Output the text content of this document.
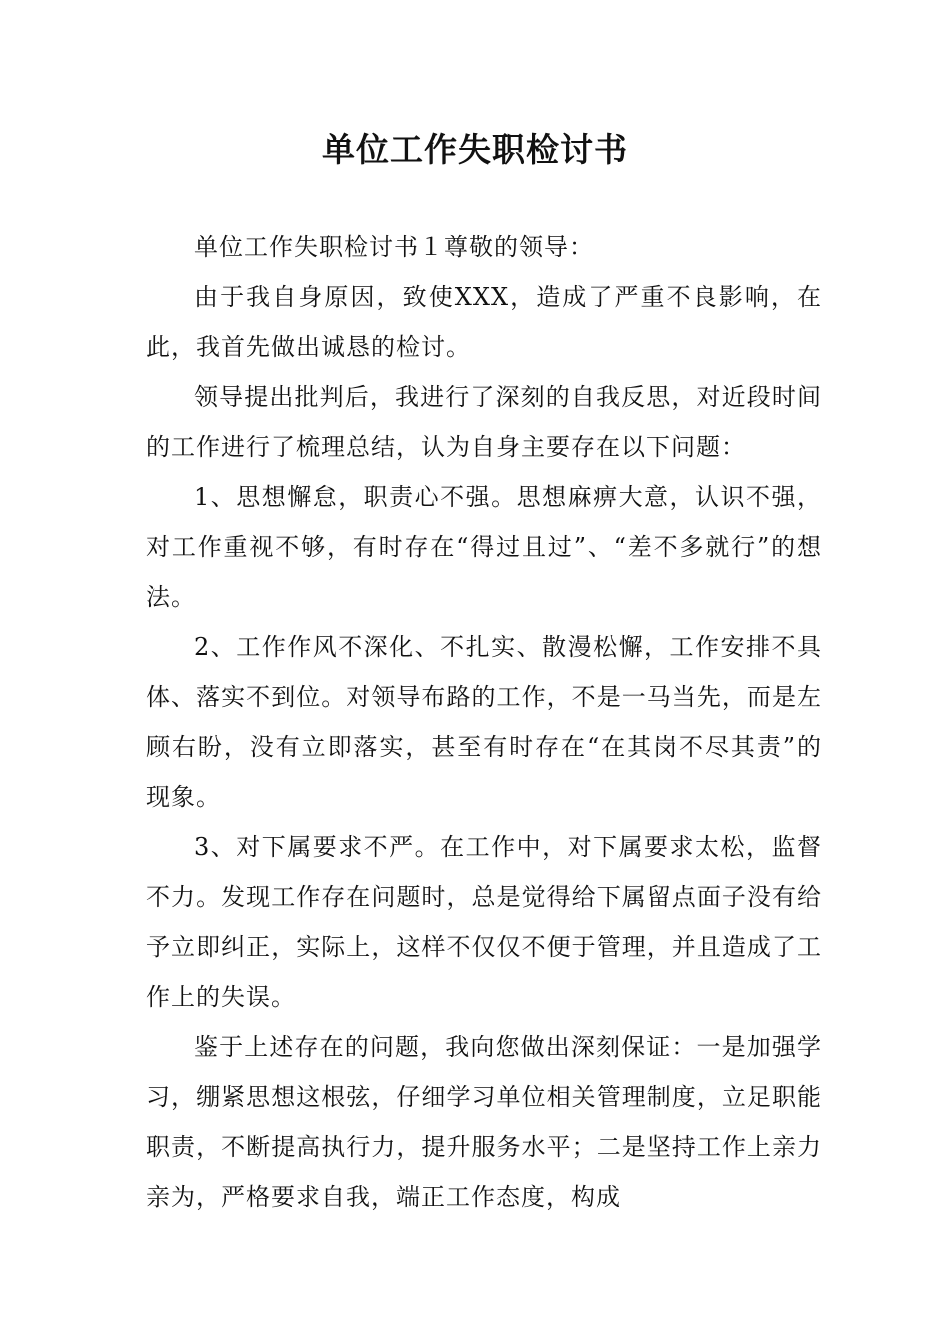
单位工作失职检讨书

单位工作失职检讨书１尊敬的领导：

由于我自身原因，致使XXX，造成了严重不良影响，在此，我首先做出诚恳的检讨。

领导提出批判后，我进行了深刻的自我反思，对近段时间的工作进行了梳理总结，认为自身主要存在以下问题：

1、思想懈怠，职责心不强。思想麻痹大意，认识不强，对工作重视不够，有时存在“得过且过”、“差不多就行”的想法。

2、工作作风不深化、不扎实、散漫松懈，工作安排不具体、落实不到位。对领导布路的工作，不是一马当先，而是左顾右盼，没有立即落实，甚至有时存在“在其岗不尽其责”的现象。

3、对下属要求不严。在工作中，对下属要求太松，监督不力。发现工作存在问题时，总是觉得给下属留点面子没有给予立即纠正，实际上，这样不仅仅不便于管理，并且造成了工作上的失误。

鉴于上述存在的问题，我向您做出深刻保证：一是加强学习，绷紧思想这根弦，仔细学习单位相关管理制度，立足职能职责，不断提高执行力，提升服务水平；二是坚持工作上亲力亲为，严格要求自我，端正工作态度，构成
